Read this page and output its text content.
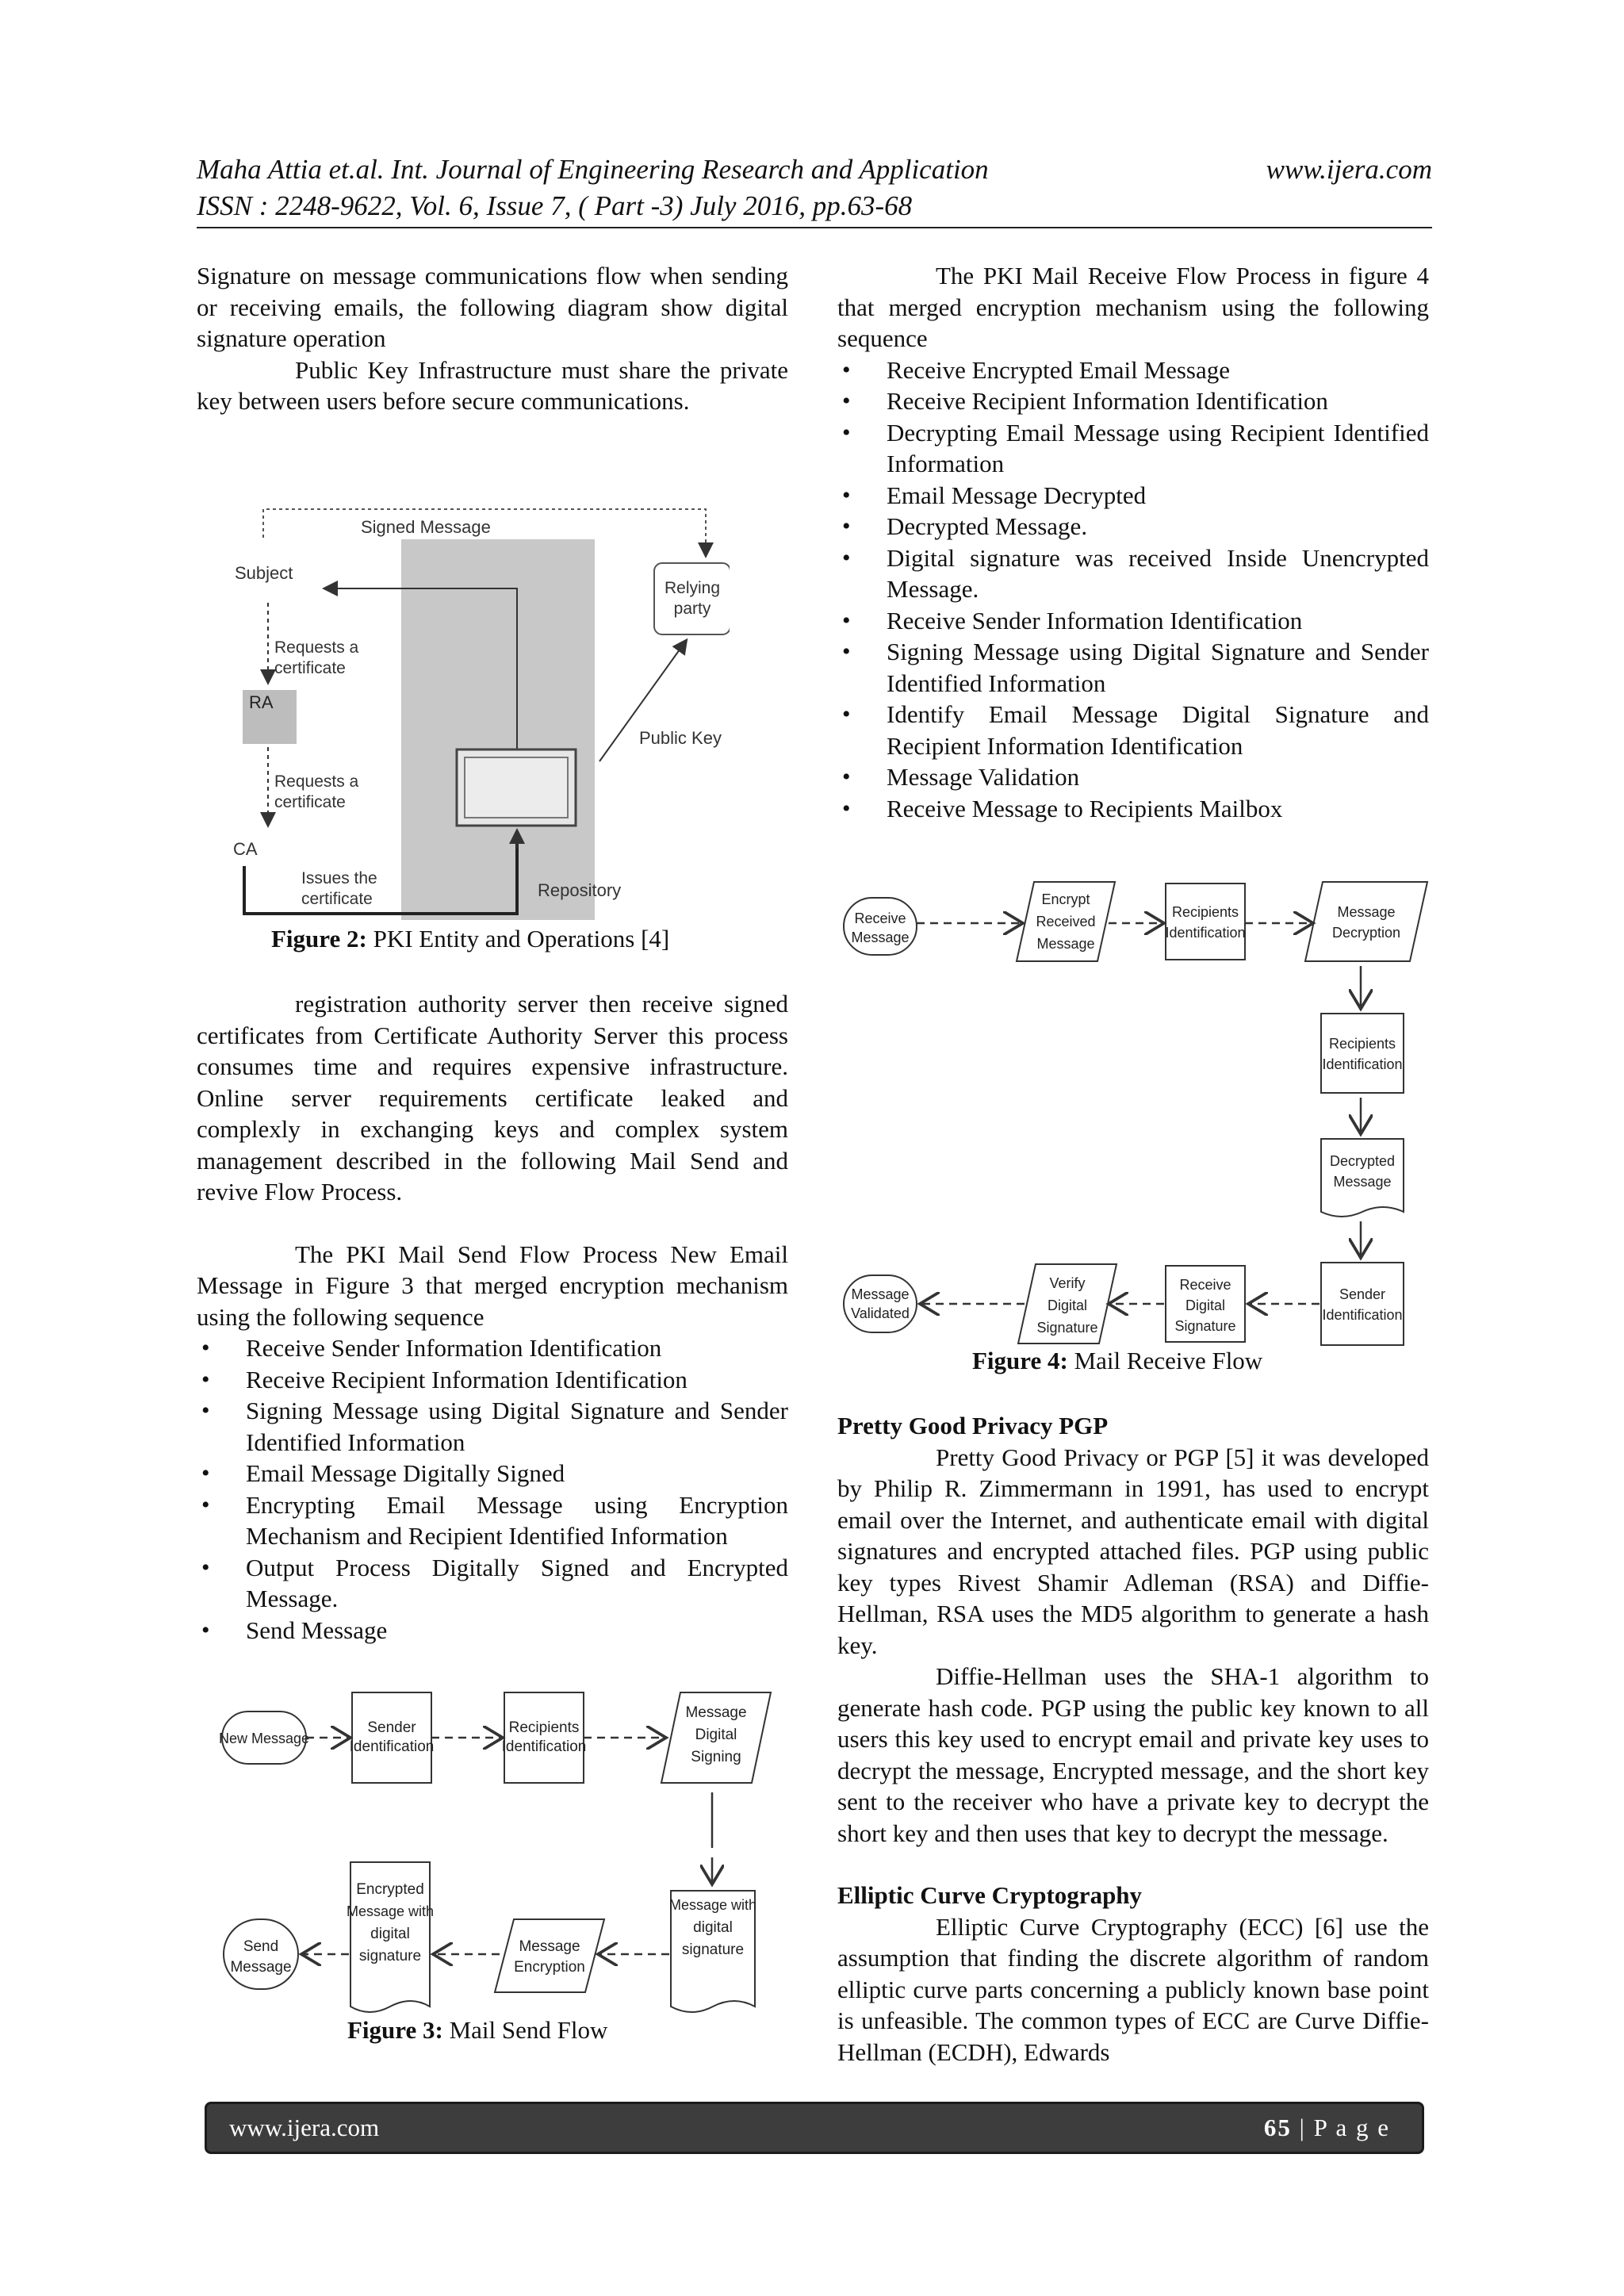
Maha Attia et.al. Int. Journal of Engineering Research and Application	www.ijera.com
ISSN : 2248-9622, Vol. 6, Issue 7, ( Part -3) July 2016, pp.63-68

Signature on message communications flow when sending or receiving emails, the following diagram show digital signature operation

Public Key Infrastructure must share the private key between users before secure communications.

Signed Message
Subject
Relying
party
Requests a
certificate
RA
Requests a
certificate
Public Key
CA
Issues the
certificate	Repository
Figure 2: PKI Entity and Operations [4]

registration authority server then receive signed certificates from Certificate Authority Server this process consumes time and requires expensive infrastructure. Online server requirements certificate leaked and complexly in exchanging keys and complex system management described in the following Mail Send and revive Flow Process.

The PKI Mail Send Flow Process New Email Message in Figure 3 that merged encryption mechanism using the following sequence

• Receive Sender Information Identification
• Receive Recipient Information Identification
• Signing Message using Digital Signature and Sender Identified Information
• Email Message Digitally Signed
• Encrypting Email Message using Encryption Mechanism and Recipient Identified Information
• Output Process Digitally Signed and Encrypted Message.
• Send Message
New Message
Sender
Identification
Recipients
Identification
Message
Digital
Signing
Message with
digital
signature
Message
Encryption
Encrypted
Message with
digital
signature
Send
Message
Figure 3: Mail Send Flow

The PKI Mail Receive Flow Process in figure 4 that merged encryption mechanism using the following sequence

• Receive Encrypted Email Message
• Receive Recipient Information Identification
• Decrypting Email Message using Recipient Identified Information
• Email Message Decrypted
• Decrypted Message.
• Digital signature was received Inside Unencrypted Message.
• Receive Sender Information Identification
• Signing Message using Digital Signature and Sender Identified Information
• Identify Email Message Digital Signature and Recipient Information Identification
• Message Validation
• Receive Message to Recipients Mailbox
Receive
Message
Encrypt
Received
Message
Recipients
Identification
Message
Decryption
Recipients
Identification
Decrypted
Message
Sender
Identification
Receive
Digital
Signature
Verify
Digital
Signature
Message
Validated
Figure 4: Mail Receive Flow

Pretty Good Privacy PGP

Pretty Good Privacy or PGP [5] it was developed by Philip R. Zimmermann in 1991, has used to encrypt email over the Internet, and authenticate email with digital signatures and encrypted attached files. PGP using public key types Rivest Shamir Adleman (RSA) and Diffie-Hellman, RSA uses the MD5 algorithm to generate a hash key.

Diffie-Hellman uses the SHA-1 algorithm to generate hash code. PGP using the public key known to all users this key used to encrypt email and private key uses to decrypt the message, Encrypted message, and the short key sent to the receiver who have a private key to decrypt the short key and then uses that key to decrypt the message.

Elliptic Curve Cryptography

Elliptic Curve Cryptography (ECC) [6] use the assumption that finding the discrete algorithm of random elliptic curve parts concerning a publicly known base point is unfeasible. The common types of ECC are Curve Diffie-Hellman (ECDH), Edwards

www.ijera.com	65 | P a g e
